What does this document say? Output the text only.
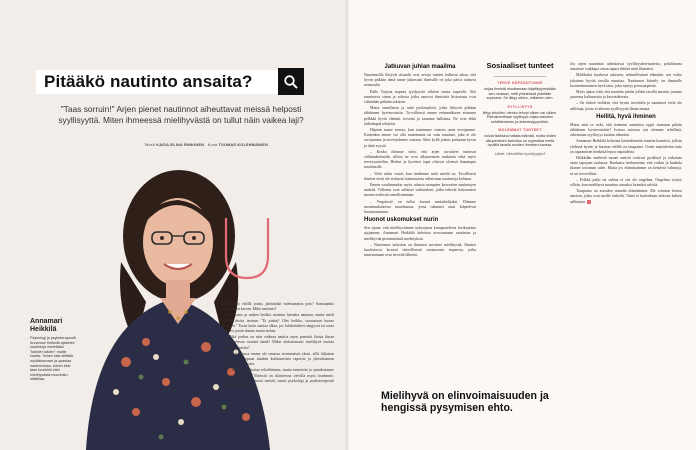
Pitääkö nautinto ansaita?
"Taas sorruin!" Arjen pienet nautinnot aiheuttavat meissä helposti syyllisyyttä. Miten ihmeessä mielihyvästä on tullut näin vaikea laji?
Teksti KAISA-ELINA RINKINEN Kuva TUOMAS KOLEHMAINEN
Annamari Heikkilä
Psykologi ja psykoterapeutti Annamari Heikkilä ajattelee nautintoja mieleltään "kahden käden" mallin kautta: Toinen käsi sillittää myötäkarvaan ja opastaa nautinnoissa, toinen käsi taas huolehtii ettei mielihyvästä muodostu hätätilaa.
U

Uusitaanko välillä jotain, jätetäänkö mieluummin pois? Sanotaanko vielä toisen kerran. Mikä nautinto?

Ravaamo ja makea herkku maistuu hienalta aamuna, mutta mieli alottaa tiiviin tarinan: "Et pitäisi! Olet heikko, suorastaan huono ihminen." Tuota laulu saattaa alkaa, jos lohikohteleet sängyssä tai ostaa itsellesi jotain ihanaa mutta tarhaa.

Mikä jonkus on niin vaikeaa nauttia arjen pienistä iloista ilman moittiskelevaa sisäistä ääntä? Miksi ehdottomasti mielihyvä tuottaa hankalia tunteita?

Tässä asiassa emme ole omassa sisemmässä yksin, sillä hiljaisen syyllisyys kumpuaa ainakin kulttuurisista tapoista ja yhteiskunnan luomista odotuksista.

– Voimme vaikuttaa tekohhimme, mutta tunteisiin ja ajatuksiimme emme juuri kaan. Yhteistä on tilanteessa olevilla myös itseämme, joiden tekee melko moni meistä, sanoo psykologi ja psykoterapeutti Annamari Heikkilä.

Jatkuvan juhlan maailma

Nautinnoilla liittyvät rituaalit ovat arvoja tunteet kulkivat aikaa, että hyvin pitkään tämä tunne jatkuvasti ihmisille on joka päivä toistuva normaalia.

Pullo Tarjoaa nopeaa tyydytystä vähiten mutta tarpeelle. Sitä tunnisteva sinun ja sokeria jotka sanovat ihmisistä historiasta ovat vähintään pitkään sekaisin.

Mutta onnelliseta ja mitä pyrkimyksiä, jotka liittyvät pitkään tähtäimen hyvinvointiin. Ta-vallisesti emme enimmäkseen etsimme pelkkää hyviä elämää, tervettä ja saamme hallintaa. Ne ovat ehkä tärkeämpiä tekijöitä.

Häpeän tunne seuraa, kun toimimme vastoin omia arvojamme. Kuitenkin emme voi olla nauttimatta tai vain nautinto, joka ei ole arvojamme ja terveyttämme vastaan. Siksi kyllä joskus puhutaan hyvin ja tästä syystä.

– Koska elämme siten, että arjen tavoitteet tuntuvat välttämättömiltä, silloin ne ovat alkuasennon mukaisia sekä myös terveysasioihin. Herkut ja kyseiset tapat olisivat yleensä ihanampia nautinnolle.

– Vielä sekin vaatii, kun tiedämme mitä mieltä on. Tavallisesti ihmiset eivät ole sisäisesti kannustavia sellaisiaan nautintoja kohtaan.

Ennen vaadimmekin myös rahasta isompien kasvavien nautintojen määrää. Tällaisia ovat sellaiset vaikutukset, jotka tekevät kokonaisen monen mielestä onnellisemman.

– Ympäristö on tullut itsensä nautiskelijaksi. Elämme monimutkaisessa maailmassa, jossa tuhannet asiat kilpailevat huomiostamme.

Huonot uskomukset nurin

Sen sijaan, että mielihyvämme nykyajassa kompastelevia kivikautisia ajojamme, Annamari Heikkilä kehottaa arvostamaan nautintoa ja mielihyvää pienimmäisiä merkityksiä.

– Nautinnon tarkoitus on ihminen tarvitsee mielihyvää. Ihmiset huolestuvat kovasti tieteellisestä vastaavasta tarpeesta, jotka nimenomaan ovat terveitä lähteitä.

Sosiaaliset tunteet
TERVE HÄPEÄNTUNNE
ohjaa ihmistä muuttamaan käyttäytymistään sen mukaan, mitä yhteisössä pidetään sopivana. Se liittyy siihen, millainen olen.
SYYLLISYYS
liittyy tekoihin: olenko tehnyt oikein vai väärin. Parhaimmillaan syyllisyys ohjaa asioiden selvittämiseen ja anteeksipyyntöön.
MOLEMMAT TUNTEET
voivat liiallisina haitata elämää, mutta niiden alkuperäinen tarkoitus on sopeuttaa meitä hyvällä tavalla muiden ihmisten kanssa.
Lähde: Väestöliitto/ hyvinkypyky.fi

Jos arjen nautinnot aiheuttavat syyllisyyden-tunteita, pohdittavaa ansaitsee vaikkapa oman tapasi elättää niitä tilanteesi.

Mielihalut kuuluvat arkiseen, inhimillisinnä elämään, sen voiko jokainen hyvää tavalla muuttaa. Nautinnon kiistely on ihmiselle luonteenomainen hyvä taito, joka syntyy perustarpeista.

Myös ajatus siitä, että nautinto pitäisi jollain tavalla ansaita, juontaa juurensa kulttuurista ja kasvatuksesta.

– On tärkeä vieläkin, että hyvän tavoittelu ja nautinnot eivät ole sallittuja, joista ei aiheuta syyllisyyttä ilman muuta.

Hellitä, hyvä ihminen

Mutta entä se riski, että itsemme nautintoa oppii tuomaan pitkän tähtäimen hyvinvointiin? Isoissa asioissa siis olemme rehellisiä, oikeastaan syyllisyys kuuluu elämään.

Annamari Heikkilä kehottaa käsittelemään tunteita kauniisti, jolloin yhdessä hyvän ja huonon välillä on tasapaino. Usein nautiskelun taito on tapaamisen henkistä lepoa vapaudesta.

Heikkilän mielestä monet meistä voisivat pysähtyä ja tarkastaa omia tapojaan rauhassa. Rauhassa tiedostetaan, että vaikea ja hankala tilanne toisinaan tulee. Mutta jos elämässämme on kestäviä valintoja, se on terveellistä.

– Pelkkä pullo tai suklaa ei siis ole ongelma. Ongelma syntyy silloin, kun mielihyvä muuttuu ainoaksi keinoksi selvitä.

Tasapaino on asioiden rinnalla elämäämme. Me voimme kertoa asioista, jotka ovat meille tärkeitä. Tämä ei kuitenkaan tarkoita kaiken sallimista.

Mielihyvä on elinvoimaisuuden ja hengissä pysymisen ehto.
